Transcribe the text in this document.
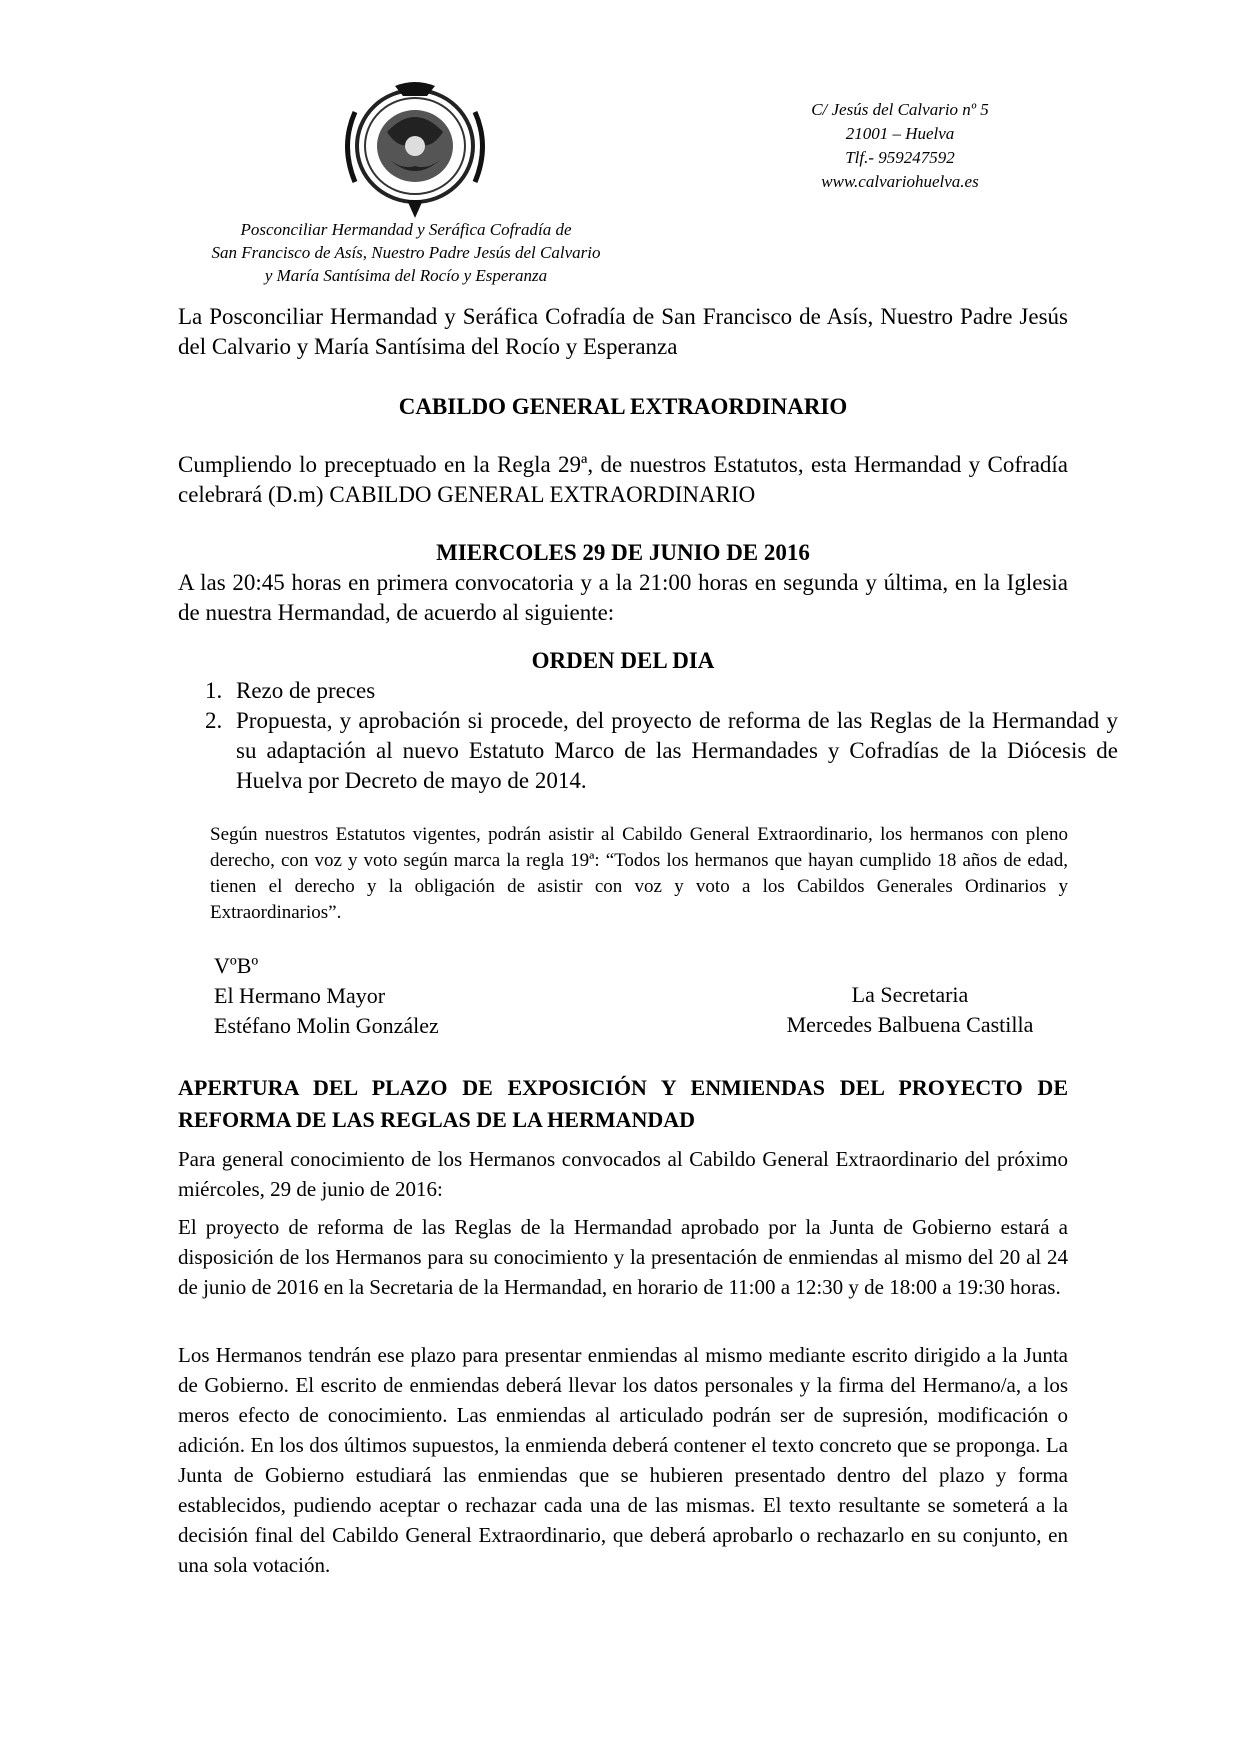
Posconciliar Hermandad y Seráfica Cofradía de
San Francisco de Asís, Nuestro Padre Jesús del Calvario
y María Santísima del Rocío y Esperanza
C/ Jesús del Calvario nº 5
21001 – Huelva
Tlf.- 959247592
www.calvariohuelva.es
La Posconciliar Hermandad y Seráfica Cofradía de San Francisco de Asís, Nuestro Padre Jesús del Calvario y María Santísima del Rocío y Esperanza
CABILDO GENERAL EXTRAORDINARIO
Cumpliendo lo preceptuado en la Regla 29ª, de nuestros Estatutos, esta Hermandad y Cofradía celebrará (D.m) CABILDO GENERAL EXTRAORDINARIO
MIERCOLES 29 DE JUNIO DE 2016
A las 20:45 horas en primera convocatoria y a la 21:00 horas en segunda y última, en la Iglesia de nuestra Hermandad, de acuerdo al siguiente:
ORDEN DEL DIA
1. Rezo de preces
2. Propuesta, y aprobación si procede, del proyecto de reforma de las Reglas de la Hermandad y su adaptación al nuevo Estatuto Marco de las Hermandades y Cofradías de la Diócesis de Huelva por Decreto de mayo de 2014.
Según nuestros Estatutos vigentes, podrán asistir al Cabildo General Extraordinario, los hermanos con pleno derecho, con voz y voto según marca la regla 19ª: “Todos los hermanos que hayan cumplido 18 años de edad, tienen el derecho y la obligación de asistir con voz y voto a los Cabildos Generales Ordinarios y Extraordinarios”.
VºBº
El Hermano Mayor
Estéfano Molin González
La Secretaria
Mercedes Balbuena Castilla
APERTURA DEL PLAZO DE EXPOSICIÓN Y ENMIENDAS DEL PROYECTO DE REFORMA DE LAS REGLAS DE LA HERMANDAD
Para general conocimiento de los Hermanos convocados al Cabildo General Extraordinario del próximo miércoles, 29 de junio de 2016:
El proyecto de reforma de las Reglas de la Hermandad aprobado por la Junta de Gobierno estará a disposición de los Hermanos para su conocimiento y la presentación de enmiendas al mismo del 20 al 24 de junio de 2016 en la Secretaria de la Hermandad, en horario de 11:00 a 12:30 y de 18:00 a 19:30 horas.
Los Hermanos tendrán ese plazo para presentar enmiendas al mismo mediante escrito dirigido a la Junta de Gobierno. El escrito de enmiendas deberá llevar los datos personales y la firma del Hermano/a, a los meros efecto de conocimiento. Las enmiendas al articulado podrán ser de supresión, modificación o adición. En los dos últimos supuestos, la enmienda deberá contener el texto concreto que se proponga. La Junta de Gobierno estudiará las enmiendas que se hubieren presentado dentro del plazo y forma establecidos, pudiendo aceptar o rechazar cada una de las mismas. El texto resultante se someterá a la decisión final del Cabildo General Extraordinario, que deberá aprobarlo o rechazarlo en su conjunto, en una sola votación.
